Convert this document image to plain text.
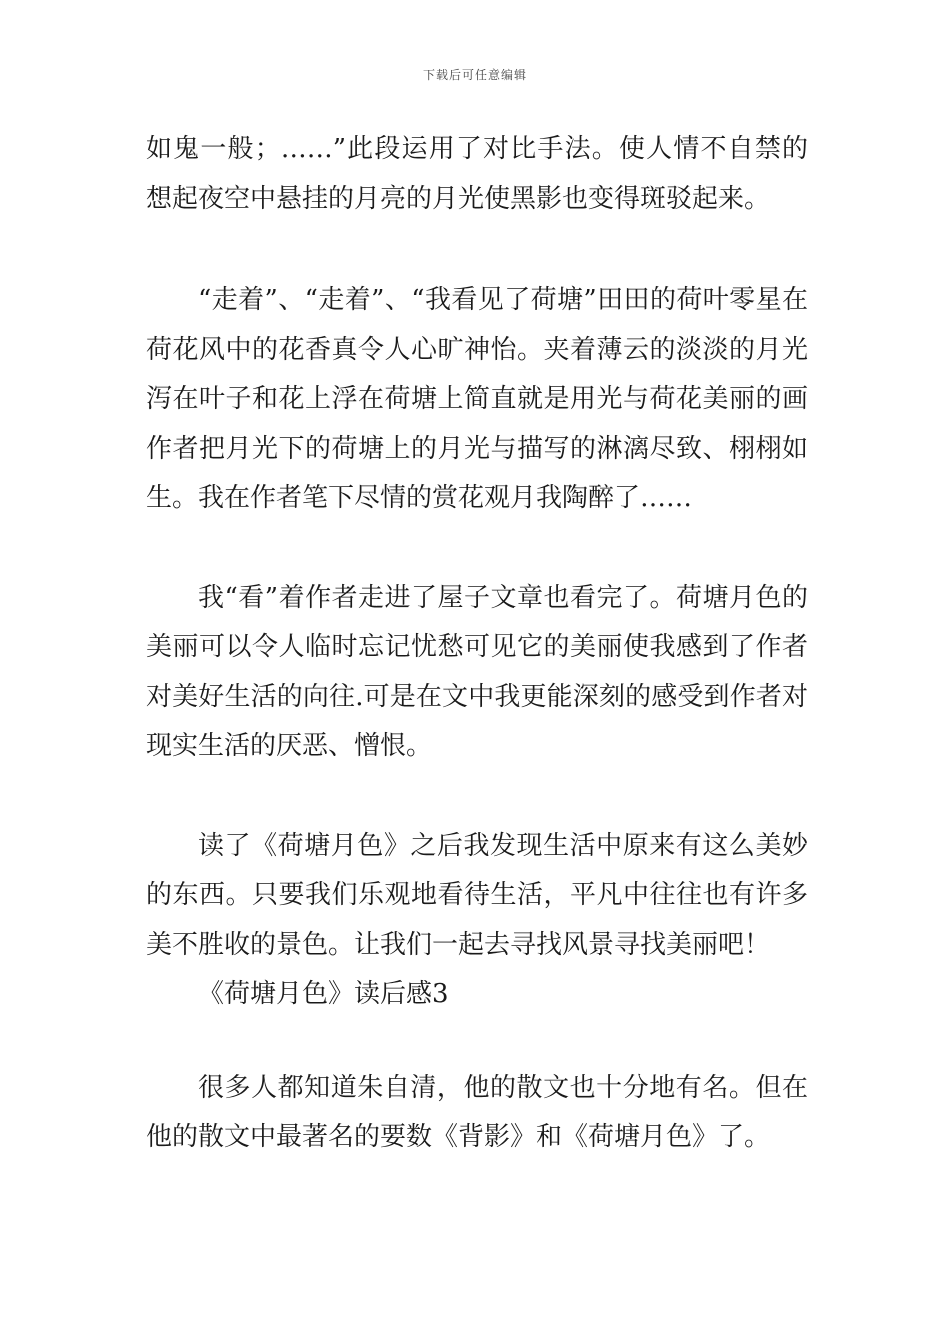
下载后可任意编辑

如鬼一般；……”此段运用了对比手法。使人情不自禁的想起夜空中悬挂的月亮的月光使黑影也变得斑驳起来。

“走着”、“走着”、“我看见了荷塘”田田的荷叶零星在荷花风中的花香真令人心旷神怡。夹着薄云的淡淡的月光泻在叶子和花上浮在荷塘上简直就是用光与荷花美丽的画作者把月光下的荷塘上的月光与描写的淋漓尽致、栩栩如生。我在作者笔下尽情的赏花观月我陶醉了……

我“看”着作者走进了屋子文章也看完了。荷塘月色的美丽可以令人临时忘记忧愁可见它的美丽使我感到了作者对美好生活的向往.可是在文中我更能深刻的感受到作者对现实生活的厌恶、憎恨。

读了《荷塘月色》之后我发现生活中原来有这么美妙的东西。只要我们乐观地看待生活，平凡中往往也有许多美不胜收的景色。让我们一起去寻找风景寻找美丽吧！

《荷塘月色》读后感3

很多人都知道朱自清，他的散文也十分地有名。但在他的散文中最著名的要数《背影》和《荷塘月色》了。
